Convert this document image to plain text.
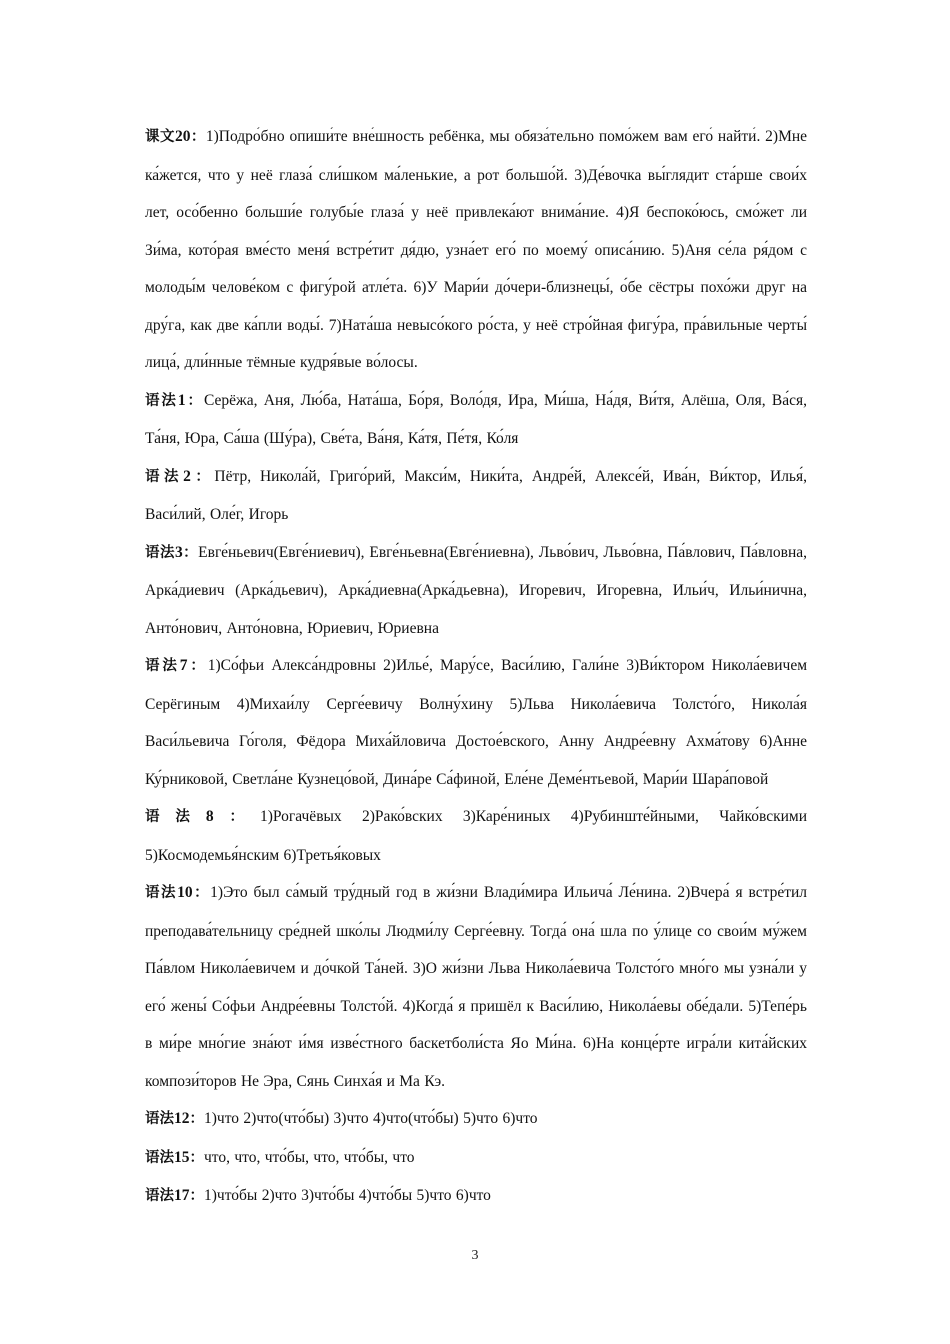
课文20：1)Подро́бно опиши́те вне́шность ребёнка, мы обяза́тельно помо́жем вам его́ найти́. 2)Мне ка́жется, что у неё глаза́ сли́шком ма́ленькие, а рот большо́й. 3)Де́вочка вы́глядит ста́рше свои́х лет, осо́бенно больши́е голубы́е глаза́ у неё привлека́ют внима́ние. 4)Я беспоко́юсь, смо́жет ли Зи́ма, кото́рая вме́сто меня́ встре́тит дя́дю, узна́ет его́ по моему́ описа́нию. 5)Аня се́ла ря́дом с молоды́м челове́ком с фигу́рой атле́та. 6)У Мари́и до́чери-близнецы́, о́бе сёстры похо́жи друг на дру́га, как две ка́пли воды́. 7)Ната́ша невысо́кого ро́ста, у неё стро́йная фигу́ра, пра́вильные черты́ лица́, дли́нные тёмные кудря́вые во́лосы.

语法1：Серёжа, Аня, Лю́ба, Ната́ша, Бо́ря, Воло́дя, Ира, Ми́ша, На́дя, Ви́тя, Алёша, Оля, Ва́ся, Та́ня, Юра, Са́ша (Шу́ра), Све́та, Ва́ня, Ка́тя, Пе́тя, Ко́ля

语法2：Пётр, Никола́й, Григо́рий, Макси́м, Ники́та, Андре́й, Алексе́й, Ива́н, Ви́ктор, Илья́, Васи́лий, Оле́г, Игорь

语法3：Евге́ньевич(Евге́ниевич), Евге́ньевна(Евге́ниевна), Льво́вич, Льво́вна, Па́влович, Па́вловна, Арка́диевич (Арка́дьевич), Арка́диевна(Арка́дьевна), Игоревич, Игоревна, Ильи́ч, Ильи́нична, Анто́нович, Анто́новна, Юриевич, Юриевна

语法7：1)Со́фьи Алекса́ндровны 2)Илье́, Мару́се, Васи́лию, Гали́не 3)Ви́ктором Никола́евичем Серёгиным 4)Михаи́лу Серге́евичу Волну́хину 5)Льва Никола́евича Толсто́го, Никола́я Васи́льевича Го́голя, Фёдора Миха́йловича Достое́вского, Анну Андре́евну Ахма́тову 6)Анне Ку́рниковой, Светла́не Кузнецо́вой, Дина́ре Са́финой, Еле́не Деме́нтьевой, Мари́и Шара́повой

语法8：1)Рогачёвых 2)Рако́вских 3)Каре́ниных 4)Рубинште́йными, Чайко́вскими 5)Космодемья́нским 6)Третья́ковых

语法10：1)Это был са́мый тру́дный год в жи́зни Влади́мира Ильича́ Ле́нина. 2)Вчера́ я встре́тил преподава́тельницу сре́дней шко́лы Людми́лу Серге́евну. Тогда́ она́ шла по у́лице со свои́м му́жем Па́влом Никола́евичем и до́чкой Та́ней. 3)О жи́зни Льва Никола́евича Толсто́го мно́го мы узна́ли у его́ жены́ Со́фьи Андре́евны Толсто́й. 4)Когда́ я пришёл к Васи́лию, Никола́евы обе́дали. 5)Тепе́рь в ми́ре мно́гие зна́ют и́мя изве́стного баскетболи́ста Яо Ми́на. 6)На конце́рте игра́ли кита́йских компози́торов Не Эра, Сянь Синха́я и Ма Кэ.

语法12：1)что 2)что(что́бы) 3)что 4)что(что́бы) 5)что 6)что

语法15：что, что, что́бы, что, что́бы, что

语法17：1)что́бы 2)что 3)что́бы 4)что́бы 5)что 6)что

3
